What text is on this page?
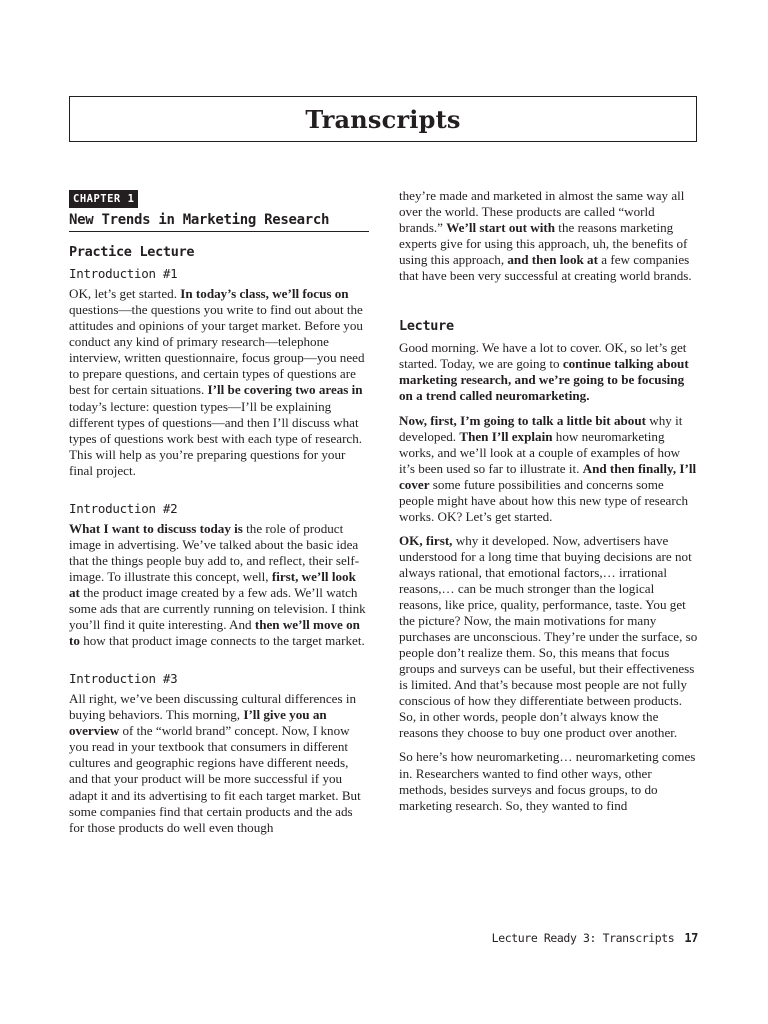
Transcripts
CHAPTER 1
New Trends in Marketing Research
Practice Lecture
Introduction #1

OK, let’s get started. In today’s class, we’ll focus on questions—the questions you write to find out about the attitudes and opinions of your target market. Before you conduct any kind of primary research—telephone interview, written questionnaire, focus group—you need to prepare questions, and certain types of questions are best for certain situations. I’ll be covering two areas in today’s lecture: question types—I’ll be explaining different types of questions—and then I’ll discuss what types of questions work best with each type of research. This will help as you’re preparing questions for your final project.

Introduction #2

What I want to discuss today is the role of product image in advertising. We’ve talked about the basic idea that the things people buy add to, and reflect, their self-image. To illustrate this concept, well, first, we’ll look at the product image created by a few ads. We’ll watch some ads that are currently running on television. I think you’ll find it quite interesting. And then we’ll move on to how that product image connects to the target market.

Introduction #3

All right, we’ve been discussing cultural differences in buying behaviors. This morning, I’ll give you an overview of the “world brand” concept. Now, I know you read in your textbook that consumers in different cultures and geographic regions have different needs, and that your product will be more successful if you adapt it and its advertising to fit each target market. But some companies find that certain products and the ads for those products do well even though

they’re made and marketed in almost the same way all over the world. These products are called “world brands.” We’ll start out with the reasons marketing experts give for using this approach, uh, the benefits of using this approach, and then look at a few companies that have been very successful at creating world brands.

Lecture

Good morning. We have a lot to cover. OK, so let’s get started. Today, we are going to continue talking about marketing research, and we’re going to be focusing on a trend called neuromarketing.

Now, first, I’m going to talk a little bit about why it developed. Then I’ll explain how neuromarketing works, and we’ll look at a couple of examples of how it’s been used so far to illustrate it. And then finally, I’ll cover some future possibilities and concerns some people might have about how this new type of research works. OK? Let’s get started.

OK, first, why it developed. Now, advertisers have understood for a long time that buying decisions are not always rational, that emotional factors,… irrational reasons,… can be much stronger than the logical reasons, like price, quality, performance, taste. You get the picture? Now, the main motivations for many purchases are unconscious. They’re under the surface, so people don’t realize them. So, this means that focus groups and surveys can be useful, but their effectiveness is limited. And that’s because most people are not fully conscious of how they differentiate between products. So, in other words, people don’t always know the reasons they choose to buy one product over another.

So here’s how neuromarketing… neuromarketing comes in. Researchers wanted to find other ways, other methods, besides surveys and focus groups, to do marketing research. So, they wanted to find

Lecture Ready 3: Transcripts 17
